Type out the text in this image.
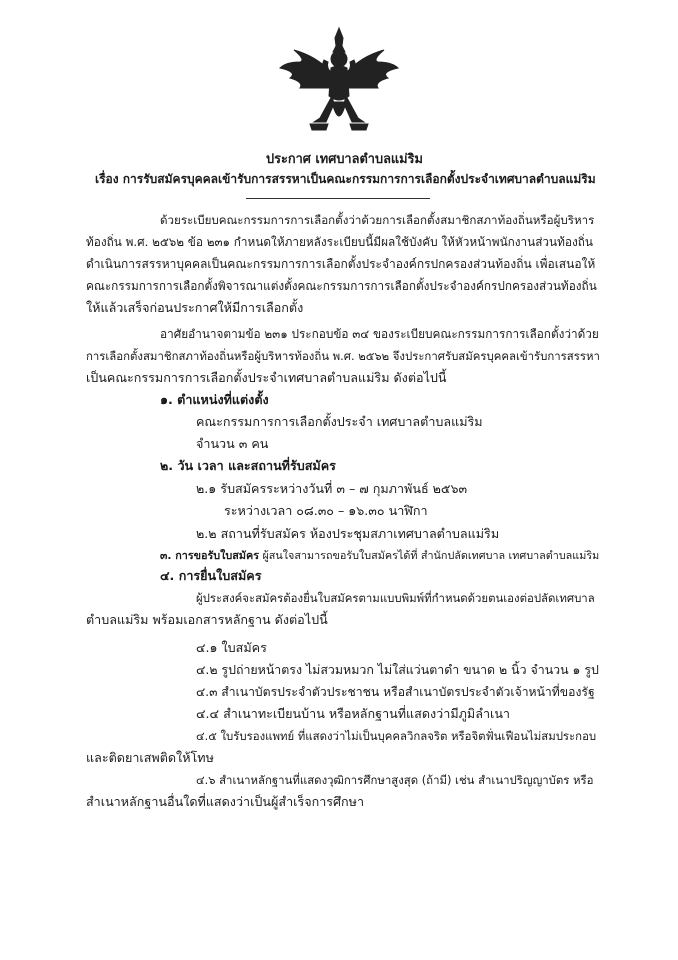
ประกาศ เทศบาลตำบลแม่ริม
เรื่อง การรับสมัครบุคคลเข้ารับการสรรหาเป็นคณะกรรมการการเลือกตั้งประจำเทศบาลตำบลแม่ริม
ด้วยระเบียบคณะกรรมการการเลือกตั้งว่าด้วยการเลือกตั้งสมาชิกสภาท้องถิ่นหรือผู้บริหาร
ท้องถิ่น พ.ศ. ๒๕๖๒ ข้อ ๒๓๑ กำหนดให้ภายหลังระเบียบนี้มีผลใช้บังคับ ให้หัวหน้าพนักงานส่วนท้องถิ่น
ดำเนินการสรรหาบุคคลเป็นคณะกรรมการการเลือกตั้งประจำองค์กรปกครองส่วนท้องถิ่น เพื่อเสนอให้
คณะกรรมการการเลือกตั้งพิจารณาแต่งตั้งคณะกรรมการการเลือกตั้งประจำองค์กรปกครองส่วนท้องถิ่น
ให้แล้วเสร็จก่อนประกาศให้มีการเลือกตั้ง
อาศัยอำนาจตามข้อ ๒๓๑ ประกอบข้อ ๓๔ ของระเบียบคณะกรรมการการเลือกตั้งว่าด้วย
การเลือกตั้งสมาชิกสภาท้องถิ่นหรือผู้บริหารท้องถิ่น พ.ศ. ๒๕๖๒ จึงประกาศรับสมัครบุคคลเข้ารับการสรรหา
เป็นคณะกรรมการการเลือกตั้งประจำเทศบาลตำบลแม่ริม ดังต่อไปนี้
๑. ตำแหน่งที่แต่งตั้ง
คณะกรรมการการเลือกตั้งประจำ เทศบาลตำบลแม่ริม
จำนวน ๓ คน
๒. วัน เวลา และสถานที่รับสมัคร
๒.๑ รับสมัครระหว่างวันที่ ๓ – ๗ กุมภาพันธ์ ๒๕๖๓
ระหว่างเวลา ๐๘.๓๐ – ๑๖.๓๐ นาฬิกา
๒.๒ สถานที่รับสมัคร ห้องประชุมสภาเทศบาลตำบลแม่ริม
๓. การขอรับใบสมัคร ผู้สนใจสามารถขอรับใบสมัครได้ที่ สำนักปลัดเทศบาล เทศบาลตำบลแม่ริม
๔. การยื่นใบสมัคร
ผู้ประสงค์จะสมัครต้องยื่นใบสมัครตามแบบพิมพ์ที่กำหนดด้วยตนเองต่อปลัดเทศบาล
ตำบลแม่ริม พร้อมเอกสารหลักฐาน ดังต่อไปนี้
๔.๑ ใบสมัคร
๔.๒ รูปถ่ายหน้าตรง ไม่สวมหมวก ไม่ใส่แว่นตาดำ ขนาด ๒ นิ้ว จำนวน ๑ รูป
๔.๓ สำเนาบัตรประจำตัวประชาชน หรือสำเนาบัตรประจำตัวเจ้าหน้าที่ของรัฐ
๔.๔ สำเนาทะเบียนบ้าน หรือหลักฐานที่แสดงว่ามีภูมิลำเนา
๔.๕ ใบรับรองแพทย์ ที่แสดงว่าไม่เป็นบุคคลวิกลจริต หรือจิตฟั่นเฟือนไม่สมประกอบ
และติดยาเสพติดให้โทษ
๔.๖ สำเนาหลักฐานที่แสดงวุฒิการศึกษาสูงสุด (ถ้ามี) เช่น สำเนาปริญญาบัตร หรือ
สำเนาหลักฐานอื่นใดที่แสดงว่าเป็นผู้สำเร็จการศึกษา
